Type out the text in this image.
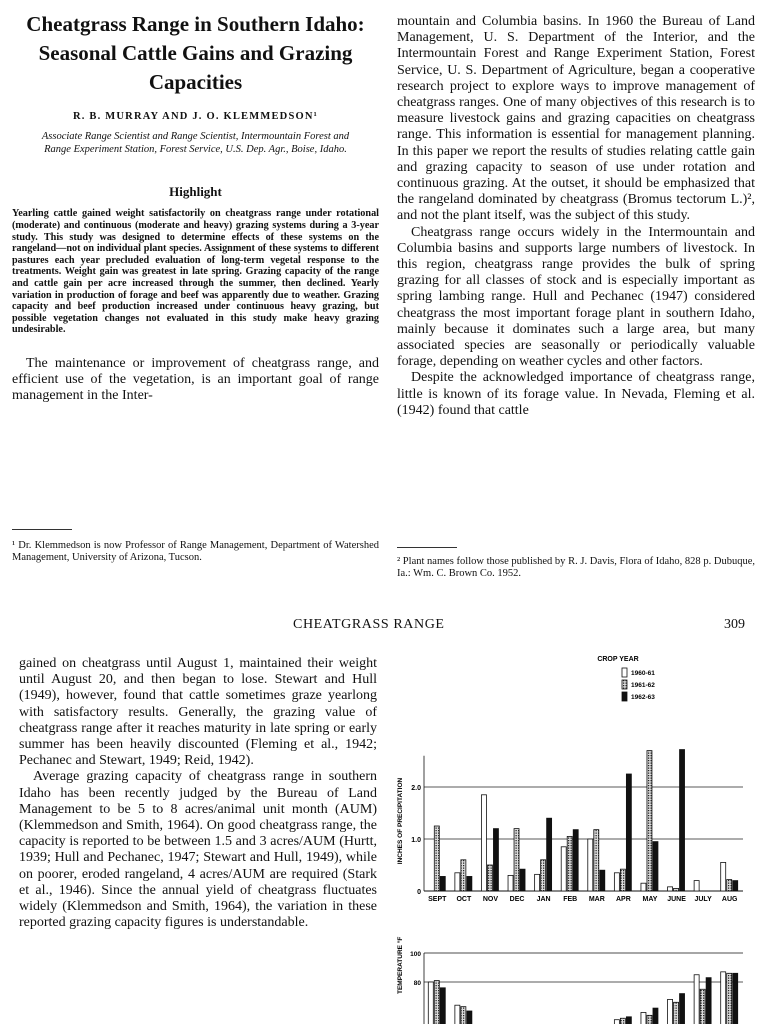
Cheatgrass Range in Southern Idaho: Seasonal Cattle Gains and Grazing Capacities
R. B. MURRAY AND J. O. KLEMMEDSON¹
Associate Range Scientist and Range Scientist, Intermountain Forest and Range Experiment Station, Forest Service, U.S. Dep. Agr., Boise, Idaho.
Highlight
Yearling cattle gained weight satisfactorily on cheatgrass range under rotational (moderate) and continuous (moderate and heavy) grazing systems during a 3-year study. This study was designed to determine effects of these systems on the rangeland—not on individual plant species. Assignment of these systems to different pastures each year precluded evaluation of long-term vegetal response to the treatments. Weight gain was greatest in late spring. Grazing capacity of the range and cattle gain per acre increased through the summer, then declined. Yearly variation in production of forage and beef was apparently due to weather. Grazing capacity and beef production increased under continuous heavy grazing, but possible vegetation changes not evaluated in this study make heavy grazing undesirable.

The maintenance or improvement of cheatgrass range, and efficient use of the vegetation, is an important goal of range management in the Inter-

¹ Dr. Klemmedson is now Professor of Range Management, Department of Watershed Management, University of Arizona, Tucson.

mountain and Columbia basins. In 1960 the Bureau of Land Management, U. S. Department of the Interior, and the Intermountain Forest and Range Experiment Station, Forest Service, U. S. Department of Agriculture, began a cooperative research project to explore ways to improve management of cheatgrass ranges. One of many objectives of this research is to measure livestock gains and grazing capacities on cheatgrass range. This information is essential for management planning. In this paper we report the results of studies relating cattle gain and grazing capacity to season of use under rotation and continuous grazing. At the outset, it should be emphasized that the rangeland dominated by cheatgrass (Bromus tectorum L.)², and not the plant itself, was the subject of this study.

Cheatgrass range occurs widely in the Intermountain and Columbia basins and supports large numbers of livestock. In this region, cheatgrass range provides the bulk of spring grazing for all classes of stock and is especially important as spring lambing range. Hull and Pechanec (1947) considered cheatgrass the most important forage plant in southern Idaho, mainly because it dominates such a large area, but many associated species are seasonally or periodically valuable forage, depending on weather cycles and other factors.

Despite the acknowledged importance of cheatgrass range, little is known of its forage value. In Nevada, Fleming et al. (1942) found that cattle

² Plant names follow those published by R. J. Davis, Flora of Idaho, 828 p. Dubuque, Ia.: Wm. C. Brown Co. 1952.
CHEATGRASS RANGE	309

gained on cheatgrass until August 1, maintained their weight until August 20, and then began to lose. Stewart and Hull (1949), however, found that cattle sometimes graze yearlong with satisfactory results. Generally, the grazing value of cheatgrass range after it reaches maturity in late spring or early summer has been heavily discounted (Fleming et al., 1942; Pechanec and Stewart, 1949; Reid, 1942).

Average grazing capacity of cheatgrass range in southern Idaho has been recently judged by the Bureau of Land Management to be 5 to 8 acres/animal unit month (AUM) (Klemmedson and Smith, 1964). On good cheatgrass range, the capacity is reported to be between 1.5 and 3 acres/AUM (Hurtt, 1939; Hull and Pechanec, 1947; Stewart and Hull, 1949), while on poorer, eroded rangeland, 4 acres/AUM are required (Stark et al., 1946). Since the annual yield of cheatgrass fluctuates widely (Klemmedson and Smith, 1964), the variation in these reported grazing capacity figures is understandable.

CROP YEAR
1960-61
1961-62
1962-63
0
1.0
2.0
INCHES OF PRECIPITATION
SEPT OCT NOV DEC JAN FEB MAR APR MAY JUNE JULY AUG
100
80
TEMPERATURE °F
